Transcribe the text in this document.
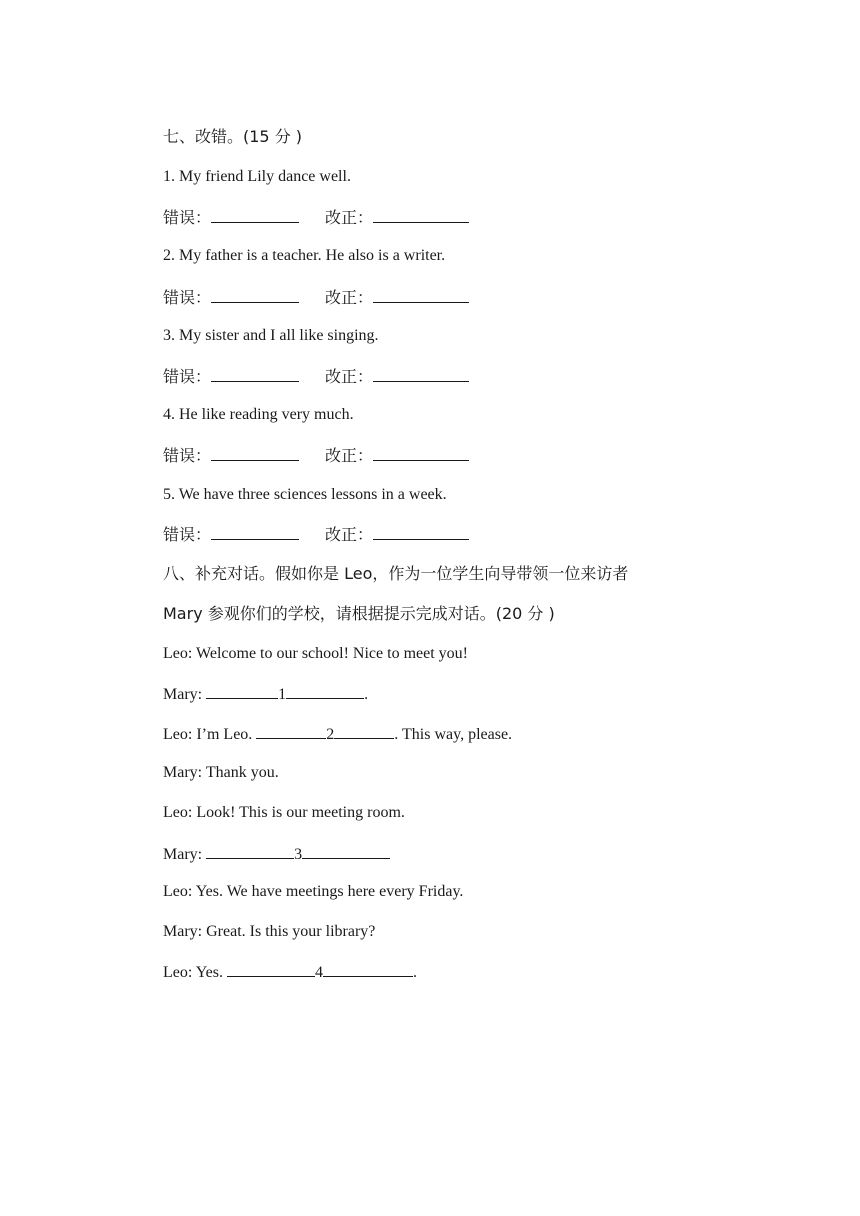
七、改错。(15 分 )
1. My friend Lily dance well.
错误：	改正：
2. My father is a teacher. He also is a writer.
错误：	改正：
3. My sister and I all like singing.
错误：	改正：
4. He like reading very much.
错误：	改正：
5. We have three sciences lessons in a week.
错误：	改正：
八、补充对话。假如你是 Leo，作为一位学生向导带领一位来访者
Mary 参观你们的学校，请根据提示完成对话。(20 分 )
Leo: Welcome to our school! Nice to meet you!
Mary:	1	.
Leo: I’m Leo.	2	. This way, please.
Mary: Thank you.
Leo: Look! This is our meeting room.
Mary:	3
Leo: Yes. We have meetings here every Friday.
Mary: Great. Is this your library?
Leo: Yes.	4	.
